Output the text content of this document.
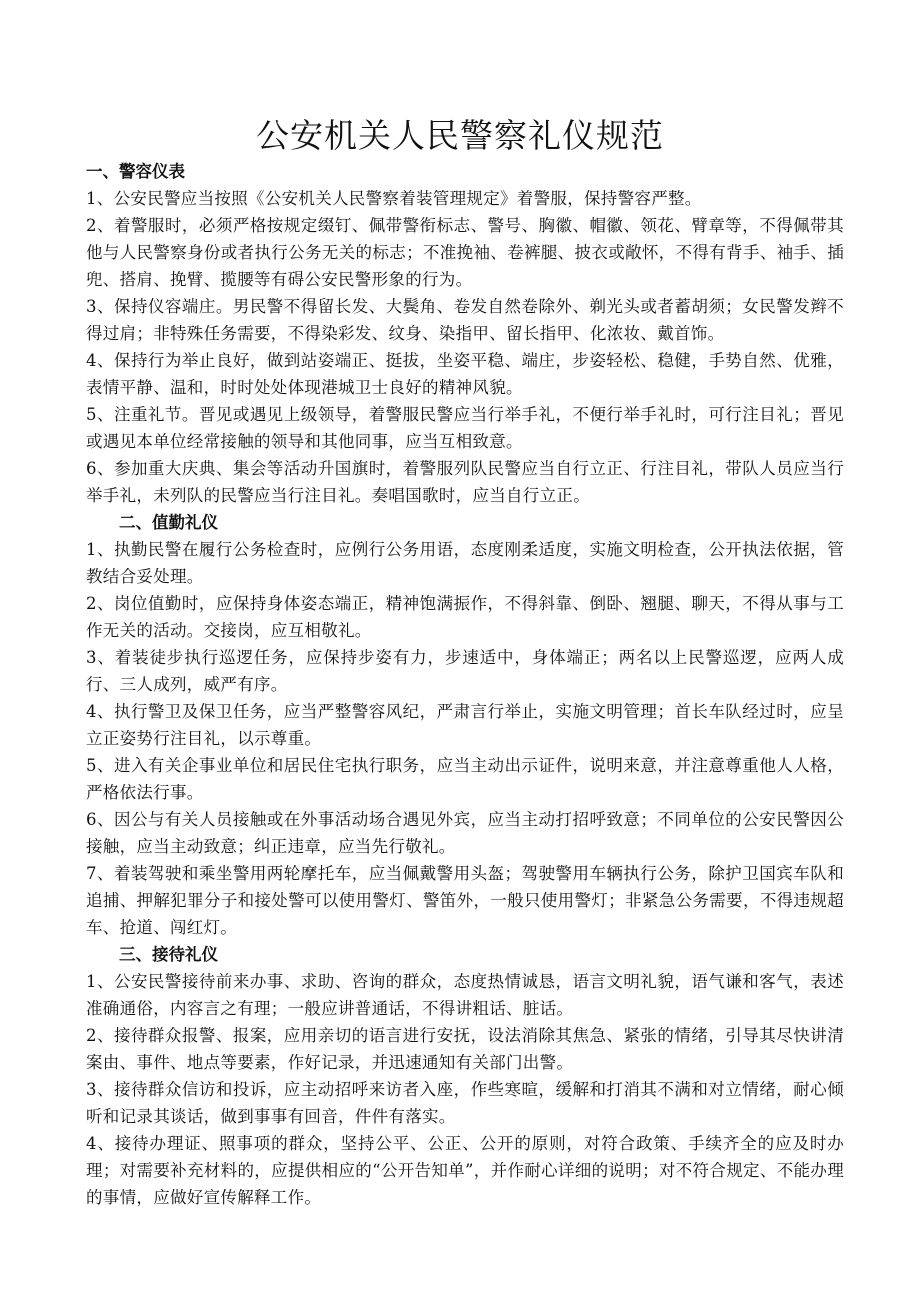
公安机关人民警察礼仪规范
一、警容仪表

1、公安民警应当按照《公安机关人民警察着装管理规定》着警服，保持警容严整。

2、着警服时，必须严格按规定缀钉、佩带警衔标志、警号、胸徽、帽徽、领花、臂章等，不得佩带其他与人民警察身份或者执行公务无关的标志；不准挽袖、卷裤腿、披衣或敞怀，不得有背手、袖手、插兜、搭肩、挽臂、揽腰等有碍公安民警形象的行为。

3、保持仪容端庄。男民警不得留长发、大鬓角、卷发自然卷除外、剃光头或者蓄胡须；女民警发辫不得过肩；非特殊任务需要，不得染彩发、纹身、染指甲、留长指甲、化浓妆、戴首饰。

4、保持行为举止良好，做到站姿端正、挺拔，坐姿平稳、端庄，步姿轻松、稳健，手势自然、优雅，表情平静、温和，时时处处体现港城卫士良好的精神风貌。

5、注重礼节。晋见或遇见上级领导，着警服民警应当行举手礼，不便行举手礼时，可行注目礼；晋见或遇见本单位经常接触的领导和其他同事，应当互相致意。

6、参加重大庆典、集会等活动升国旗时，着警服列队民警应当自行立正、行注目礼，带队人员应当行举手礼，未列队的民警应当行注目礼。奏唱国歌时，应当自行立正。

二、值勤礼仪

1、执勤民警在履行公务检查时，应例行公务用语，态度刚柔适度，实施文明检查，公开执法依据，管教结合妥处理。

2、岗位值勤时，应保持身体姿态端正，精神饱满振作，不得斜靠、倒卧、翘腿、聊天，不得从事与工作无关的活动。交接岗，应互相敬礼。

3、着装徒步执行巡逻任务，应保持步姿有力，步速适中，身体端正；两名以上民警巡逻，应两人成行、三人成列，威严有序。

4、执行警卫及保卫任务，应当严整警容风纪，严肃言行举止，实施文明管理；首长车队经过时，应呈立正姿势行注目礼，以示尊重。

5、进入有关企事业单位和居民住宅执行职务，应当主动出示证件，说明来意，并注意尊重他人人格，严格依法行事。

6、因公与有关人员接触或在外事活动场合遇见外宾，应当主动打招呼致意；不同单位的公安民警因公接触，应当主动致意；纠正违章，应当先行敬礼。

7、着装驾驶和乘坐警用两轮摩托车，应当佩戴警用头盔；驾驶警用车辆执行公务，除护卫国宾车队和追捕、押解犯罪分子和接处警可以使用警灯、警笛外，一般只使用警灯；非紧急公务需要，不得违规超车、抢道、闯红灯。

三、接待礼仪

1、公安民警接待前来办事、求助、咨询的群众，态度热情诚恳，语言文明礼貌，语气谦和客气，表述准确通俗，内容言之有理；一般应讲普通话，不得讲粗话、脏话。

2、接待群众报警、报案，应用亲切的语言进行安抚，设法消除其焦急、紧张的情绪，引导其尽快讲清案由、事件、地点等要素，作好记录，并迅速通知有关部门出警。

3、接待群众信访和投诉，应主动招呼来访者入座，作些寒暄，缓解和打消其不满和对立情绪，耐心倾听和记录其谈话，做到事事有回音，件件有落实。

4、接待办理证、照事项的群众，坚持公平、公正、公开的原则，对符合政策、手续齐全的应及时办理；对需要补充材料的，应提供相应的“公开告知单”，并作耐心详细的说明；对不符合规定、不能办理的事情，应做好宣传解释工作。
